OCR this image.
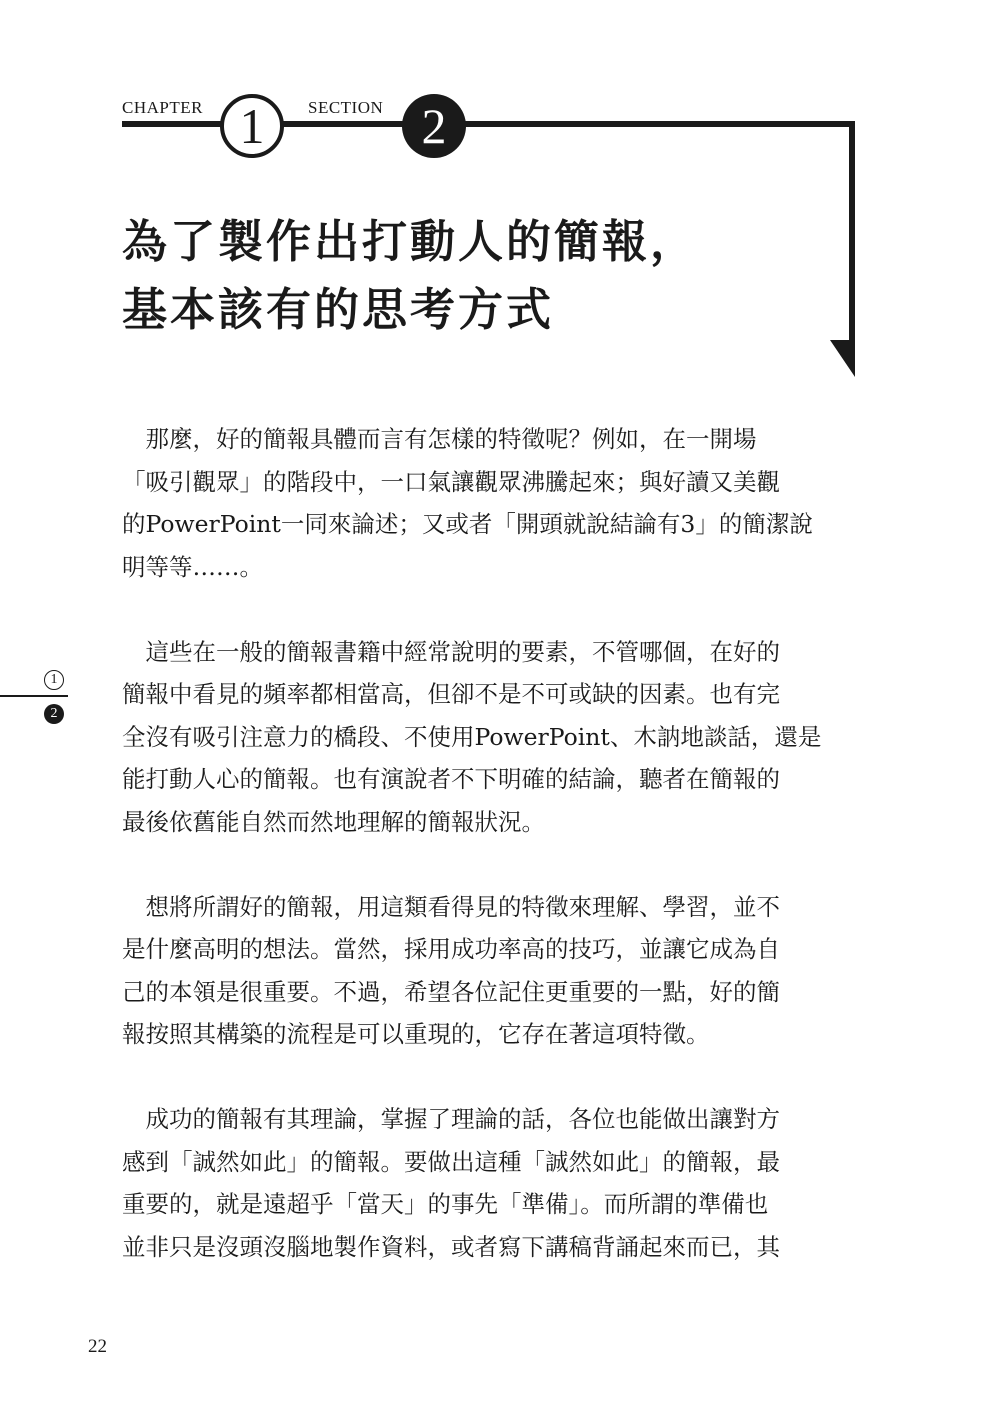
CHAPTER 1	SECTION 2
為了製作出打動人的簡報，
基本該有的思考方式

　那麼，好的簡報具體而言有怎樣的特徵呢？例如，在一開場
「吸引觀眾」的階段中，一口氣讓觀眾沸騰起來；與好讀又美觀
的PowerPoint一同來論述；又或者「開頭就說結論有3」的簡潔說
明等等……。

　這些在一般的簡報書籍中經常說明的要素，不管哪個，在好的
簡報中看見的頻率都相當高，但卻不是不可或缺的因素。也有完
全沒有吸引注意力的橋段、不使用PowerPoint、木訥地談話，還是
能打動人心的簡報。也有演說者不下明確的結論，聽者在簡報的
最後依舊能自然而然地理解的簡報狀況。

　想將所謂好的簡報，用這類看得見的特徵來理解、學習，並不
是什麼高明的想法。當然，採用成功率高的技巧，並讓它成為自
己的本領是很重要。不過，希望各位記住更重要的一點，好的簡
報按照其構築的流程是可以重現的，它存在著這項特徵。

　成功的簡報有其理論，掌握了理論的話，各位也能做出讓對方
感到「誠然如此」的簡報。要做出這種「誠然如此」的簡報，最
重要的，就是遠超乎「當天」的事先「準備」。而所謂的準備也
並非只是沒頭沒腦地製作資料，或者寫下講稿背誦起來而已，其

1
2
22
